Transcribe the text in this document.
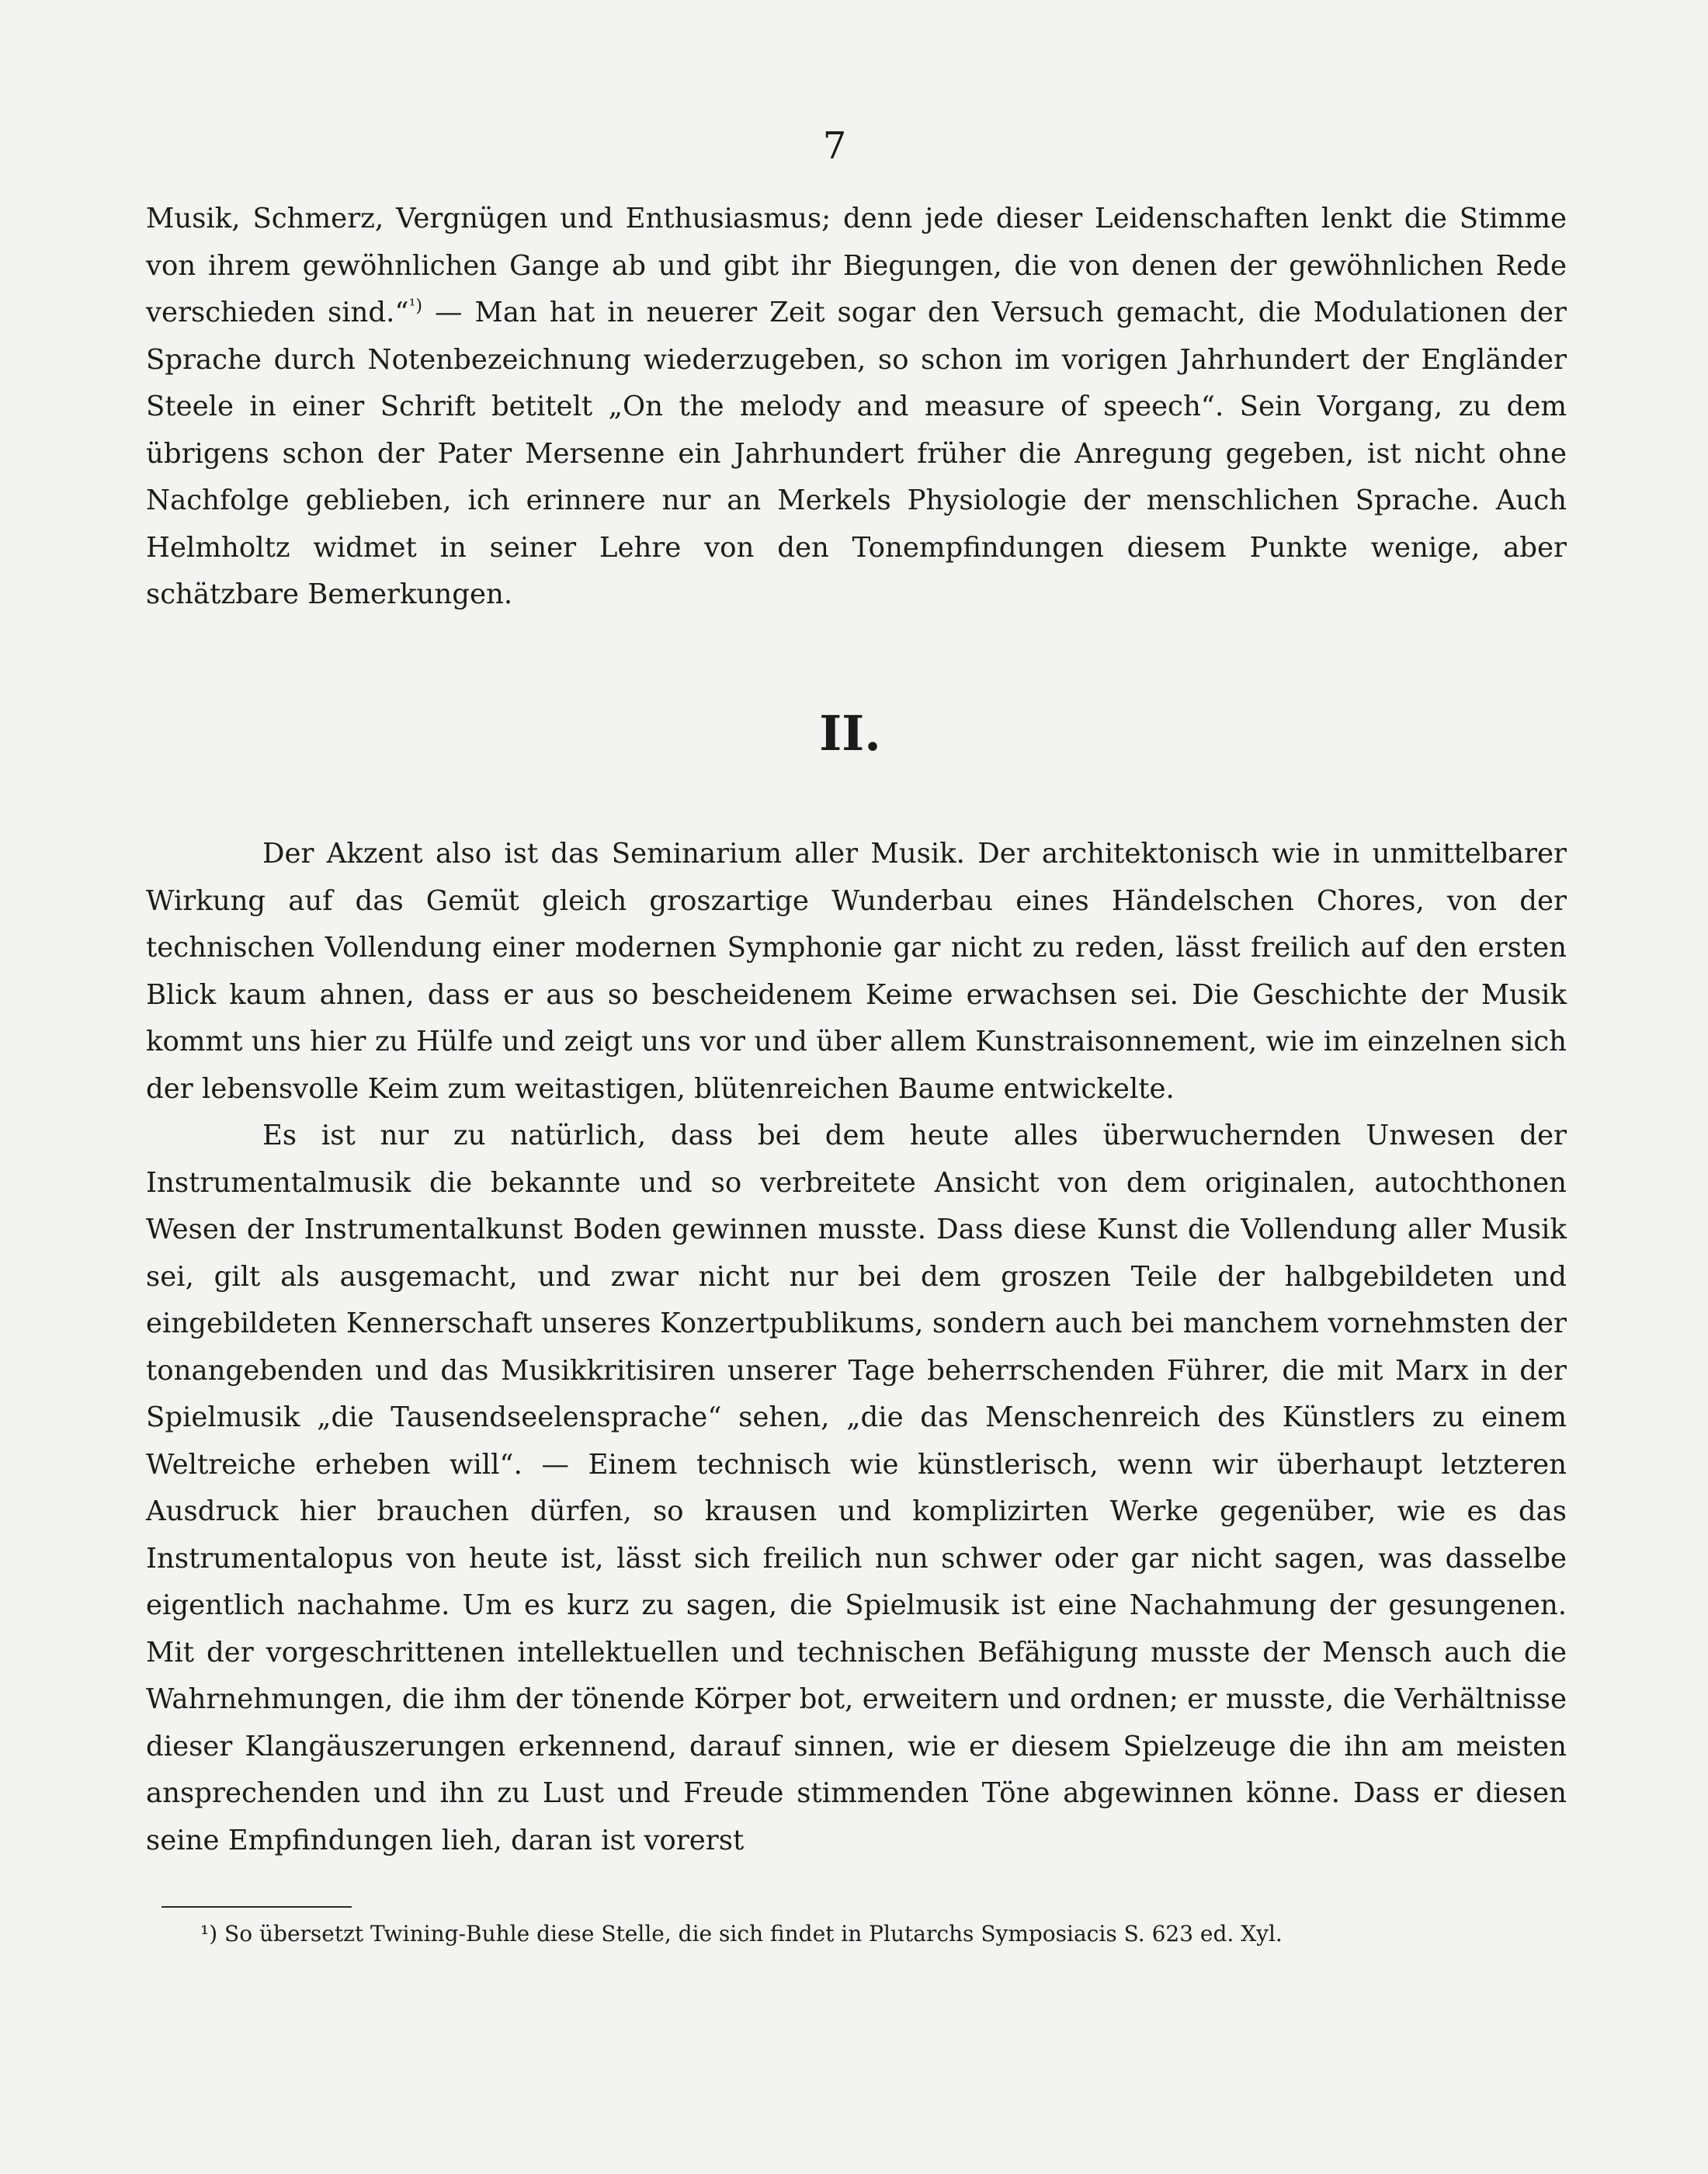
7

Musik, Schmerz, Vergnügen und Enthusiasmus; denn jede dieser Leidenschaften lenkt die Stimme von ihrem gewöhnlichen Gange ab und gibt ihr Biegungen, die von denen der gewöhnlichen Rede verschieden sind.“$^{^1)}$ — Man hat in neuerer Zeit sogar den Versuch gemacht, die Modulationen der Sprache durch Notenbezeichnung wiederzugeben, so schon im vorigen Jahrhundert der Engländer Steele in einer Schrift betitelt „On the melody and measure of speech“. Sein Vorgang, zu dem übrigens schon der Pater Mersenne ein Jahrhundert früher die Anregung gegeben, ist nicht ohne Nachfolge geblieben, ich erinnere nur an Merkels Physiologie der menschlichen Sprache. Auch Helmholtz widmet in seiner Lehre von den Tonempfindungen diesem Punkte wenige, aber schätzbare Bemerkungen.

II.

Der Akzent also ist das Seminarium aller Musik. Der architektonisch wie in unmittelbarer Wirkung auf das Gemüt gleich groszartige Wunderbau eines Händelschen Chores, von der technischen Vollendung einer modernen Symphonie gar nicht zu reden, lässt freilich auf den ersten Blick kaum ahnen, dass er aus so bescheidenem Keime erwachsen sei. Die Geschichte der Musik kommt uns hier zu Hülfe und zeigt uns vor und über allem Kunstraisonnement, wie im einzelnen sich der lebensvolle Keim zum weitastigen, blütenreichen Baume entwickelte.

Es ist nur zu natürlich, dass bei dem heute alles überwuchernden Unwesen der Instrumentalmusik die bekannte und so verbreitete Ansicht von dem originalen, autochthonen Wesen der Instrumentalkunst Boden gewinnen musste. Dass diese Kunst die Vollendung aller Musik sei, gilt als ausgemacht, und zwar nicht nur bei dem groszen Teile der halbgebildeten und eingebildeten Kennerschaft unseres Konzertpublikums, sondern auch bei manchem vornehmsten der tonangebenden und das Musikkritisiren unserer Tage beherrschenden Führer, die mit Marx in der Spielmusik „die Tausendseelensprache“ sehen, „die das Menschenreich des Künstlers zu einem Weltreiche erheben will“. — Einem technisch wie künstlerisch, wenn wir überhaupt letzteren Ausdruck hier brauchen dürfen, so krausen und komplizirten Werke gegenüber, wie es das Instrumentalopus von heute ist, lässt sich freilich nun schwer oder gar nicht sagen, was dasselbe eigentlich nachahme. Um es kurz zu sagen, die Spielmusik ist eine Nachahmung der gesungenen. Mit der vorgeschrittenen intellektuellen und technischen Befähigung musste der Mensch auch die Wahrnehmungen, die ihm der tönende Körper bot, erweitern und ordnen; er musste, die Verhältnisse dieser Klangäuszerungen erkennend, darauf sinnen, wie er diesem Spielzeuge die ihn am meisten ansprechenden und ihn zu Lust und Freude stimmenden Töne abgewinnen könne. Dass er diesen seine Empfindungen lieh, daran ist vorerst

¹) So übersetzt Twining-Buhle diese Stelle, die sich findet in Plutarchs Symposiacis S. 623 ed. Xyl.
